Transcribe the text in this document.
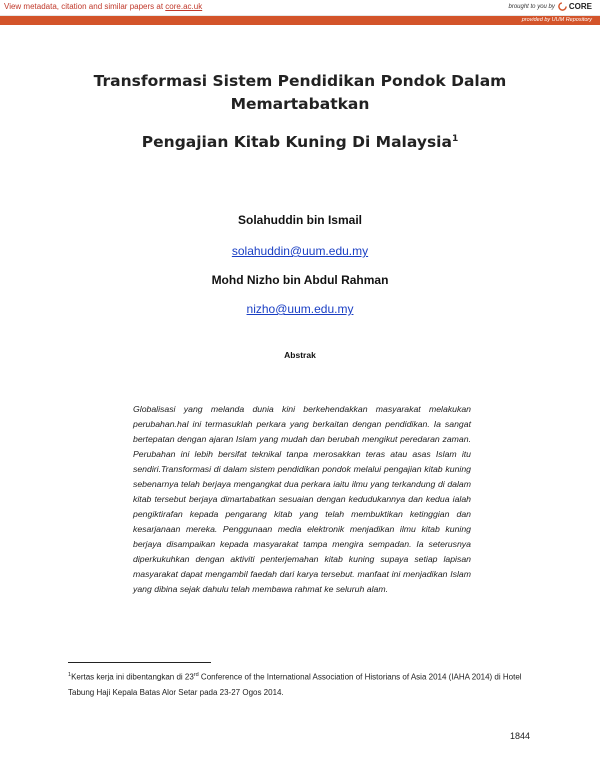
View metadata, citation and similar papers at core.ac.uk	brought to you by CORE
provided by UUM Repository
Transformasi Sistem Pendidikan Pondok Dalam
Memartabatkan
Pengajian Kitab Kuning Di Malaysia$^1$
Solahuddin bin Ismail
solahuddin@uum.edu.my
Mohd Nizho bin Abdul Rahman
nizho@uum.edu.my
Abstrak
Globalisasi yang melanda dunia kini berkehendakkan masyarakat melakukan perubahan.hal ini termasuklah perkara yang berkaitan dengan pendidikan. Ia sangat bertepatan dengan ajaran Islam yang mudah dan berubah mengikut peredaran zaman. Perubahan ini lebih bersifat teknikal tanpa merosakkan teras atau asas Islam itu sendiri.Transformasi di dalam sistem pendidikan pondok melalui pengajian kitab kuning sebenarnya telah berjaya mengangkat dua perkara iaitu ilmu yang terkandung di dalam kitab tersebut berjaya dimartabatkan sesuaian dengan kedudukannya dan kedua ialah pengiktirafan kepada pengarang kitab yang telah membuktikan ketinggian dan kesarjanaan mereka. Penggunaan media elektronik menjadikan ilmu kitab kuning berjaya disampaikan kepada masyarakat tampa mengira sempadan. Ia seterusnya diperkukuhkan dengan aktiviti penterjemahan kitab kuning supaya setiap lapisan masyarakat dapat mengambil faedah dari karya tersebut. manfaat ini menjadikan Islam yang dibina sejak dahulu telah membawa rahmat ke seluruh alam.
$^1$Kertas kerja ini dibentangkan di 23rd Conference of the International Association of Historians of Asia 2014 (IAHA 2014) di Hotel Tabung Haji Kepala Batas Alor Setar pada 23-27 Ogos 2014.
1844
